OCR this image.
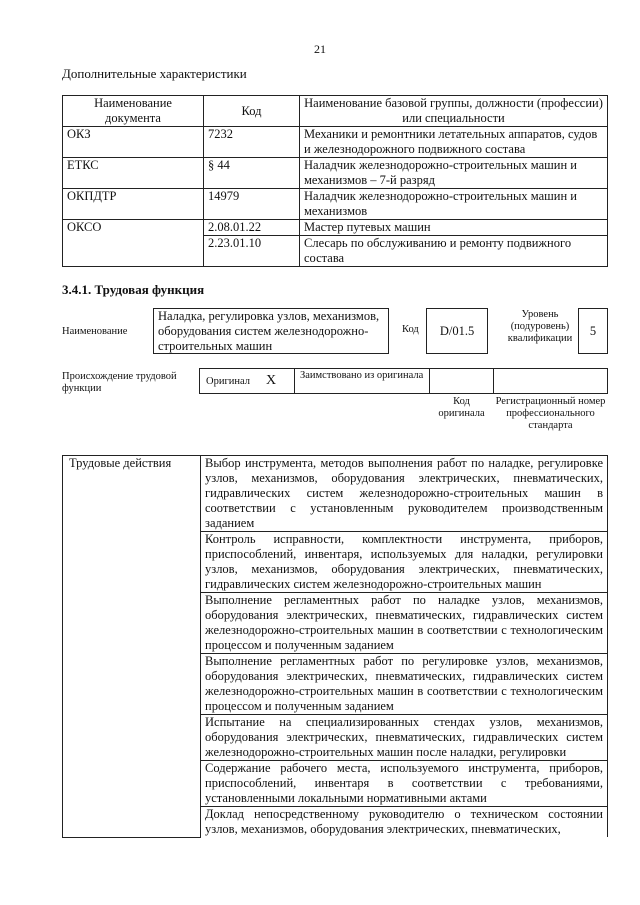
21
Дополнительные характеристики
Наименование документа	Код	Наименование базовой группы, должности (профессии) или специальности
ОКЗ	7232	Механики и ремонтники летательных аппаратов, судов и железнодорожного подвижного состава
ЕТКС	§ 44	Наладчик железнодорожно-строительных машин и механизмов – 7-й разряд
ОКПДТР	14979	Наладчик железнодорожно-строительных машин и механизмов
ОКСО	2.08.01.22	Мастер путевых машин
	2.23.01.10	Слесарь по обслуживанию и ремонту подвижного состава
3.4.1. Трудовая функция
Наименование
Наладка, регулировка узлов, механизмов, оборудования систем железнодорожно-строительных машин
Код	D/01.5
Уровень (подуровень) квалификации
5
Происхождение трудовой функции
Оригинал X	Заимствовано из оригинала
Код оригинала
Регистрационный номер профессионального стандарта
Трудовые действия	Выбор инструмента, методов выполнения работ по наладке, регулировке узлов, механизмов, оборудования электрических, пневматических, гидравлических систем железнодорожно-строительных машин в соответствии с установленным руководителем производственным заданием
Контроль исправности, комплектности инструмента, приборов, приспособлений, инвентаря, используемых для наладки, регулировки узлов, механизмов, оборудования электрических, пневматических, гидравлических систем железнодорожно-строительных машин
Выполнение регламентных работ по наладке узлов, механизмов, оборудования электрических, пневматических, гидравлических систем железнодорожно-строительных машин в соответствии с технологическим процессом и полученным заданием
Выполнение регламентных работ по регулировке узлов, механизмов, оборудования электрических, пневматических, гидравлических систем железнодорожно-строительных машин в соответствии с технологическим процессом и полученным заданием
Испытание на специализированных стендах узлов, механизмов, оборудования электрических, пневматических, гидравлических систем железнодорожно-строительных машин после наладки, регулировки
Содержание рабочего места, используемого инструмента, приборов, приспособлений, инвентаря в соответствии с требованиями, установленными локальными нормативными актами
Доклад непосредственному руководителю о техническом состоянии узлов, механизмов, оборудования электрических, пневматических,
